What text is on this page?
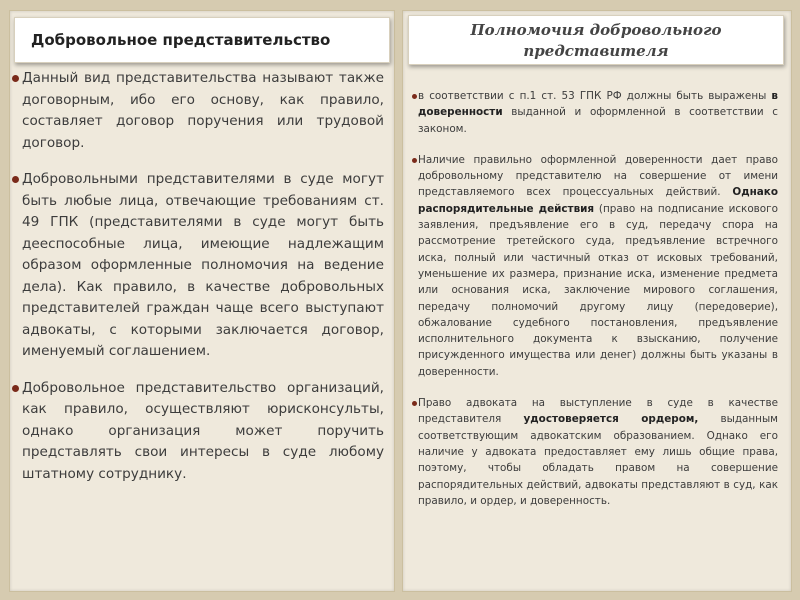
Добровольное представительство
Полномочия добровольного представителя

Данный вид представительства называют также договорным, ибо его основу, как правило, составляет договор поручения или трудовой договор.

Добровольными представителями в суде могут быть любые лица, отвечающие требованиям ст. 49 ГПК (представителями в суде могут быть дееспособные лица, имеющие надлежащим образом оформленные полномочия на ведение дела). Как правило, в качестве добровольных представителей граждан чаще всего выступают адвокаты, с которыми заключается договор, именуемый соглашением.

Добровольное представительство организаций, как правило, осуществляют юрисконсульты, однако организация может поручить представлять свои интересы в суде любому штатному сотруднику.

в соответствии с п.1 ст. 53 ГПК РФ должны быть выражены в доверенности выданной и оформленной в соответствии с законом.

Наличие правильно оформленной доверенности дает право добровольному представителю на совершение от имени представляемого всех процессуальных действий. Однако распорядительные действия (право на подписание искового заявления, предъявление его в суд, передачу спора на рассмотрение третейского суда, предъявление встречного иска, полный или частичный отказ от исковых требований, уменьшение их размера, признание иска, изменение предмета или основания иска, заключение мирового соглашения, передачу полномочий другому лицу (передоверие), обжалование судебного постановления, предъявление исполнительного документа к взысканию, получение присужденного имущества или денег) должны быть указаны в доверенности.

Право адвоката на выступление в суде в качестве представителя удостоверяется ордером, выданным соответствующим адвокатским образованием. Однако его наличие у адвоката предоставляет ему лишь общие права, поэтому, чтобы обладать правом на совершение распорядительных действий, адвокаты представляют в суд, как правило, и ордер, и доверенность.
